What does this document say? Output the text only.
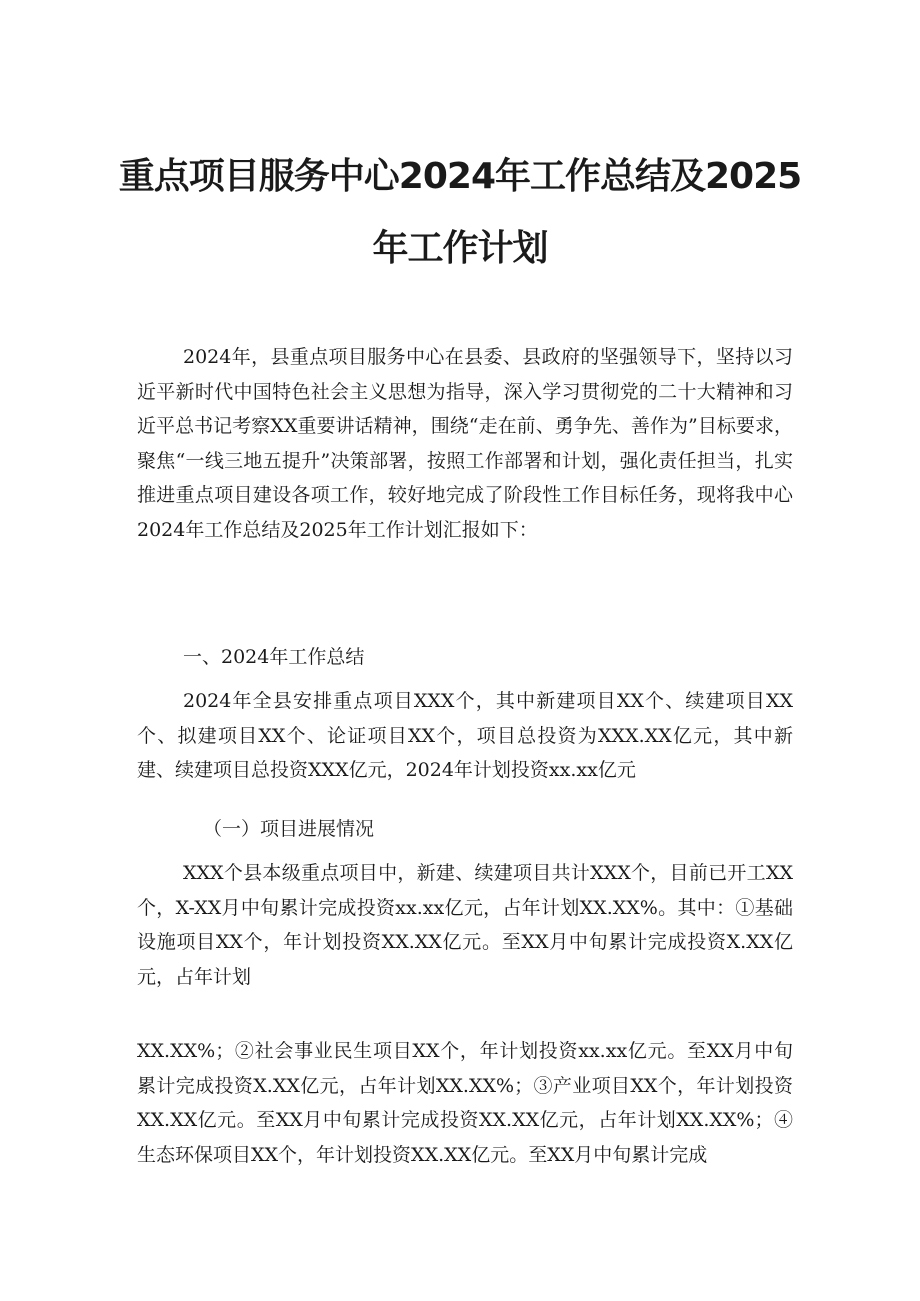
重点项目服务中心2024年工作总结及2025
年工作计划

2024年，县重点项目服务中心在县委、县政府的坚强领导下，坚持以习近平新时代中国特色社会主义思想为指导，深入学习贯彻党的二十大精神和习近平总书记考察XX重要讲话精神，围绕“走在前、勇争先、善作为”目标要求，聚焦“一线三地五提升”决策部署，按照工作部署和计划，强化责任担当，扎实推进重点项目建设各项工作，较好地完成了阶段性工作目标任务，现将我中心2024年工作总结及2025年工作计划汇报如下：

一、2024年工作总结

2024年全县安排重点项目XXX个，其中新建项目XX个、续建项目XX个、拟建项目XX个、论证项目XX个，项目总投资为XXX.XX亿元，其中新建、续建项目总投资XXX亿元，2024年计划投资xx.xx亿元

（一）项目进展情况

XXX个县本级重点项目中，新建、续建项目共计XXX个，目前已开工XX个，X-XX月中旬累计完成投资xx.xx亿元，占年计划XX.XX%。其中：①基础设施项目XX个，年计划投资XX.XX亿元。至XX月中旬累计完成投资X.XX亿元，占年计划

XX.XX%；②社会事业民生项目XX个，年计划投资xx.xx亿元。至XX月中旬累计完成投资X.XX亿元，占年计划XX.XX%；③产业项目XX个，年计划投资XX.XX亿元。至XX月中旬累计完成投资XX.XX亿元，占年计划XX.XX%；④生态环保项目XX个，年计划投资XX.XX亿元。至XX月中旬累计完成
